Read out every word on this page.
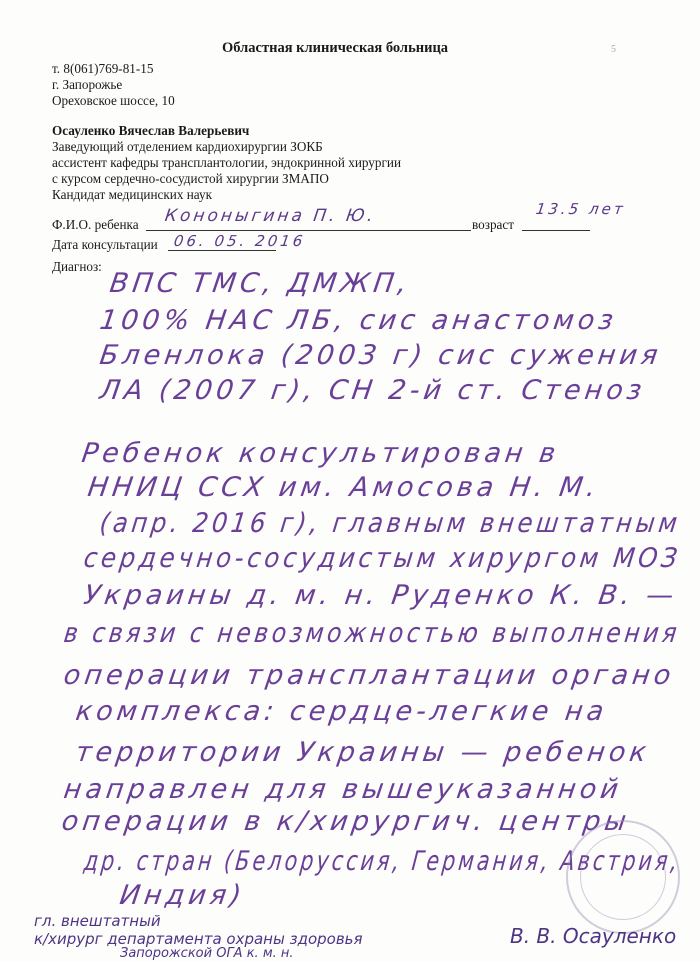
5
Областная клиническая больница
т. 8(061)769-81-15
г. Запорожье
Ореховское шоссе, 10
Осауленко Вячеслав Валерьевич
Заведующий отделением кардиохирургии ЗОКБ
ассистент кафедры трансплантологии, эндокринной хирургии
с курсом сердечно-сосудистой хирургии ЗМАПО
Кандидат медицинских наук
Ф.И.О. ребенка Кононыгина П. Ю.	возраст
13.5 лет
Дата консультации 06. 05. 2016
Диагноз:
ВПС ТМС, ДМЖП,
100% НАС ЛБ, сис анастомоз
Бленлока (2003 г) сис сужения
ЛА (2007 г), СН 2-й ст. Стеноз
Ребенок консультирован в
ННИЦ ССХ им. Амосова Н. М.
(апр. 2016 г), главным внештатным
сердечно-сосудистым хирургом МОЗ
Украины д. м. н. Руденко К. В. —
в связи с невозможностью выполнения
операции трансплантации органо
комплекса: сердце-легкие на
территории Украины — ребенок
направлен для вышеуказанной
операции в к/хирургич. центры
др. стран (Белоруссия, Германия, Австрия,
Индия)
гл. внештатный
к/хирург департамента охраны здоровья
Запорожской ОГА к. м. н.
В. В. Осауленко
